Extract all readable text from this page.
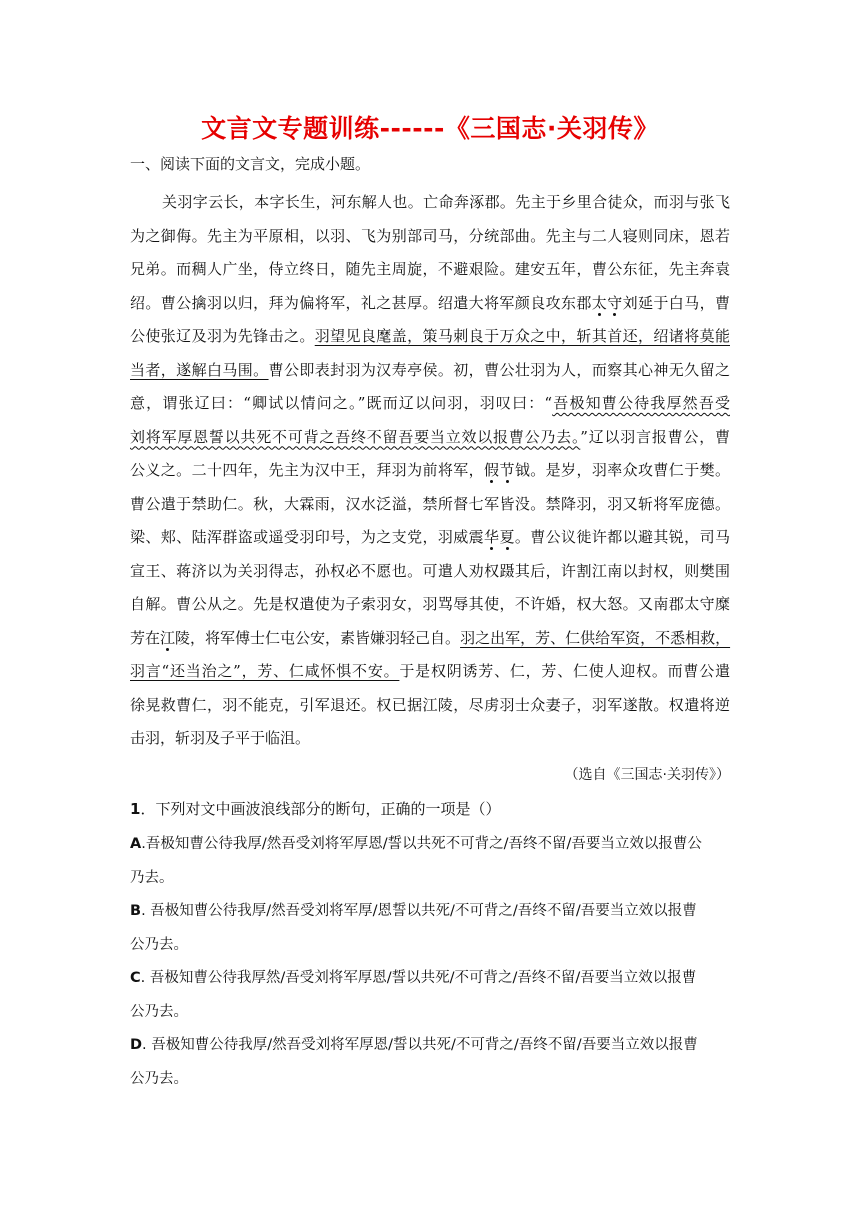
文言文专题训练------《三国志·关羽传》
一、阅读下面的文言文，完成小题。
关羽字云长，本字长生，河东解人也。亡命奔涿郡。先主于乡里合徒众，而羽与张飞
为之御侮。先主为平原相，以羽、飞为别部司马，分统部曲。先主与二人寝则同床，恩若
兄弟。而稠人广坐，侍立终日，随先主周旋，不避艰险。建安五年，曹公东征，先主奔袁
绍。曹公擒羽以归，拜为偏将军，礼之甚厚。绍遣大将军颜良攻东郡太守刘延于白马，曹
公使张辽及羽为先锋击之。羽望见良麾盖，策马刺良于万众之中，斩其首还，绍诸将莫能
当者，遂解白马围。曹公即表封羽为汉寿亭侯。初，曹公壮羽为人，而察其心神无久留之
意，谓张辽曰：“卿试以情问之。”既而辽以问羽，羽叹曰：“吾极知曹公待我厚然吾受
刘将军厚恩誓以共死不可背之吾终不留吾要当立效以报曹公乃去。”辽以羽言报曹公，曹
公义之。二十四年，先主为汉中王，拜羽为前将军，假节钺。是岁，羽率众攻曹仁于樊。
曹公遣于禁助仁。秋，大霖雨，汉水泛溢，禁所督七军皆没。禁降羽，羽又斩将军庞德。
梁、郏、陆浑群盗或遥受羽印号，为之支党，羽威震华夏。曹公议徙许都以避其锐，司马
宣王、蒋济以为关羽得志，孙权必不愿也。可遣人劝权蹑其后，许割江南以封权，则樊围
自解。曹公从之。先是权遣使为子索羽女，羽骂辱其使，不许婚，权大怒。又南郡太守糜
芳在江陵，将军傅士仁屯公安，素皆嫌羽轻己自。羽之出军，芳、仁供给军资，不悉相救，
羽言“还当治之”，芳、仁咸怀惧不安。于是权阴诱芳、仁，芳、仁使人迎权。而曹公遣
徐晃救曹仁，羽不能克，引军退还。权已据江陵，尽虏羽士众妻子，羽军遂散。权遣将逆
击羽，斩羽及子平于临沮。
（选自《三国志·关羽传》）
1．下列对文中画波浪线部分的断句，正确的一项是（）
A.吾极知曹公待我厚/然吾受刘将军厚恩/誓以共死不可背之/吾终不留/吾要当立效以报曹公
乃去。
B. 吾极知曹公待我厚/然吾受刘将军厚/恩誓以共死/不可背之/吾终不留/吾要当立效以报曹
公乃去。
C. 吾极知曹公待我厚然/吾受刘将军厚恩/誓以共死/不可背之/吾终不留/吾要当立效以报曹
公乃去。
D. 吾极知曹公待我厚/然吾受刘将军厚恩/誓以共死/不可背之/吾终不留/吾要当立效以报曹
公乃去。
